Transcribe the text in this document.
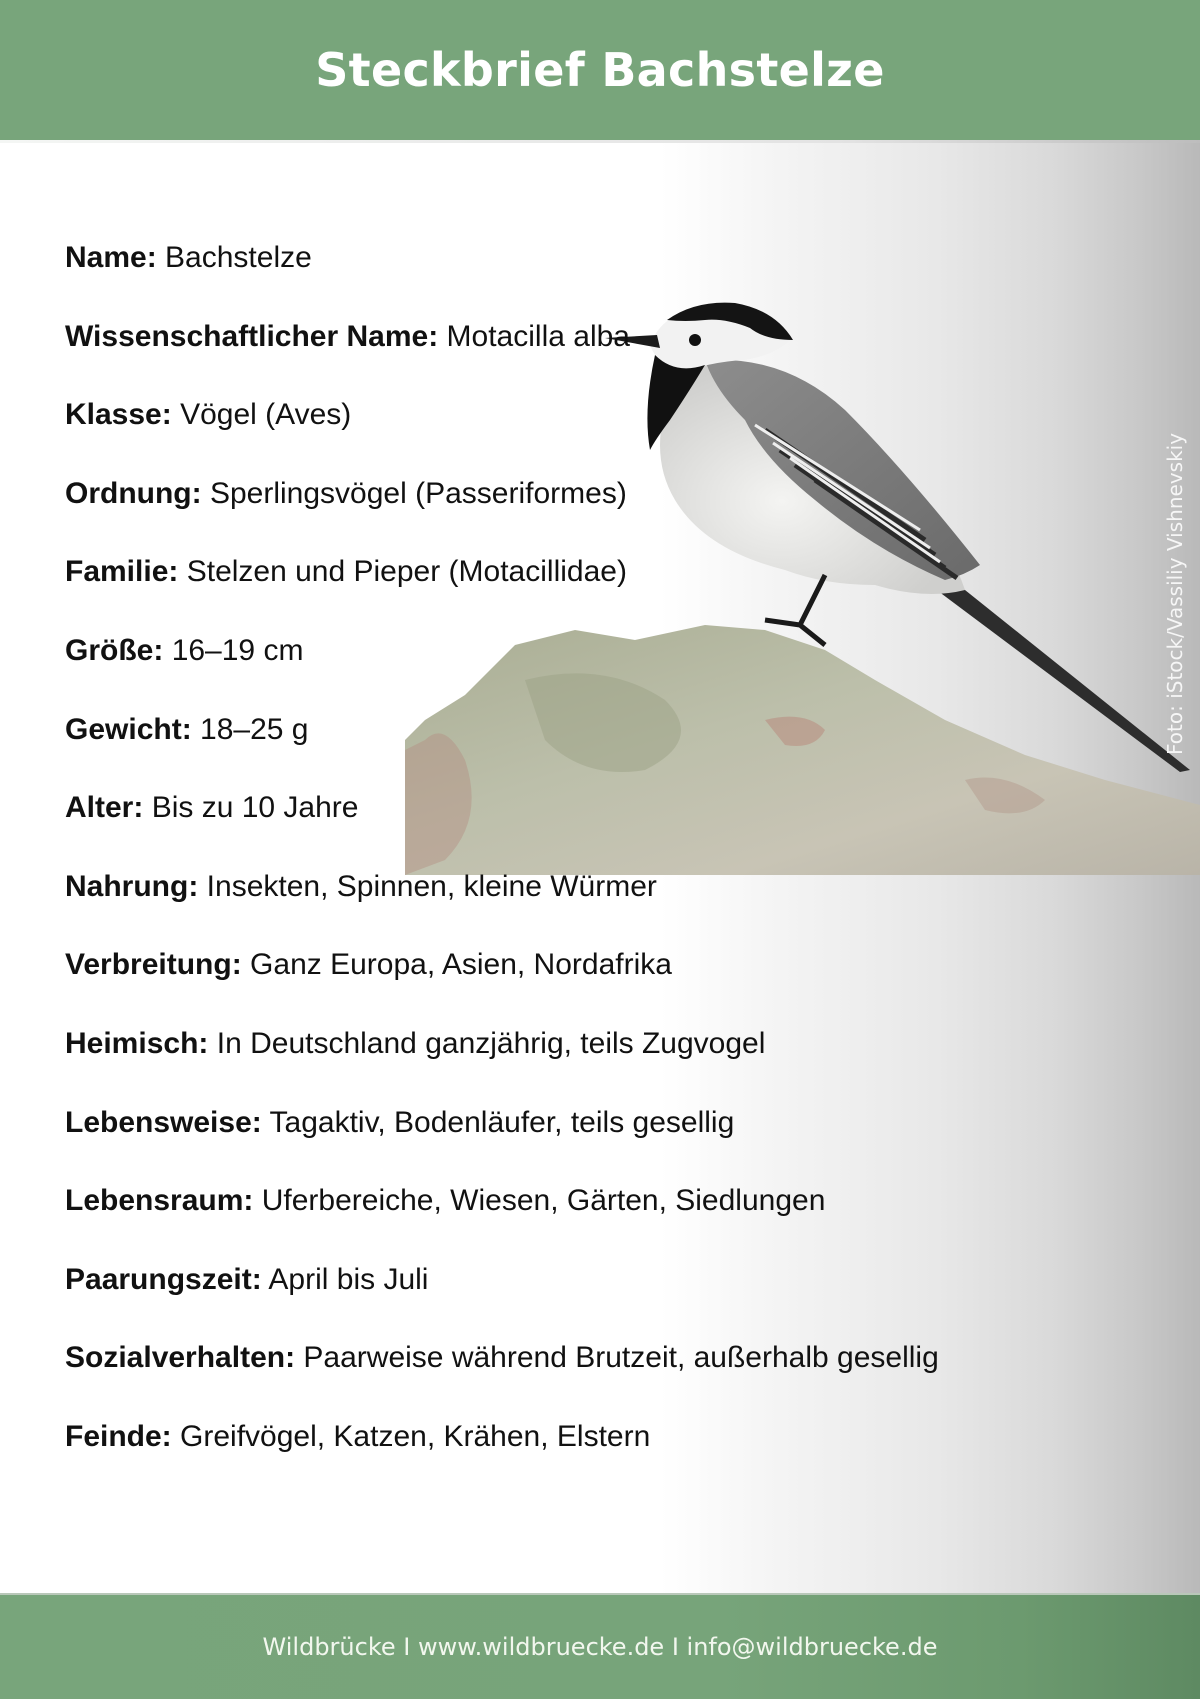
Steckbrief Bachstelze
Foto: iStock/Vassiliy Vishnevskiy
Name: Bachstelze
Wissenschaftlicher Name: Motacilla alba
Klasse: Vögel (Aves)
Ordnung: Sperlingsvögel (Passeriformes)
Familie: Stelzen und Pieper (Motacillidae)
Größe: 16–19 cm
Gewicht: 18–25 g
Alter: Bis zu 10 Jahre
Nahrung: Insekten, Spinnen, kleine Würmer
Verbreitung: Ganz Europa, Asien, Nordafrika
Heimisch: In Deutschland ganzjährig, teils Zugvogel
Lebensweise: Tagaktiv, Bodenläufer, teils gesellig
Lebensraum: Uferbereiche, Wiesen, Gärten, Siedlungen
Paarungszeit: April bis Juli
Sozialverhalten: Paarweise während Brutzeit, außerhalb gesellig
Feinde: Greifvögel, Katzen, Krähen, Elstern
Wildbrücke I www.wildbruecke.de I info@wildbruecke.de
